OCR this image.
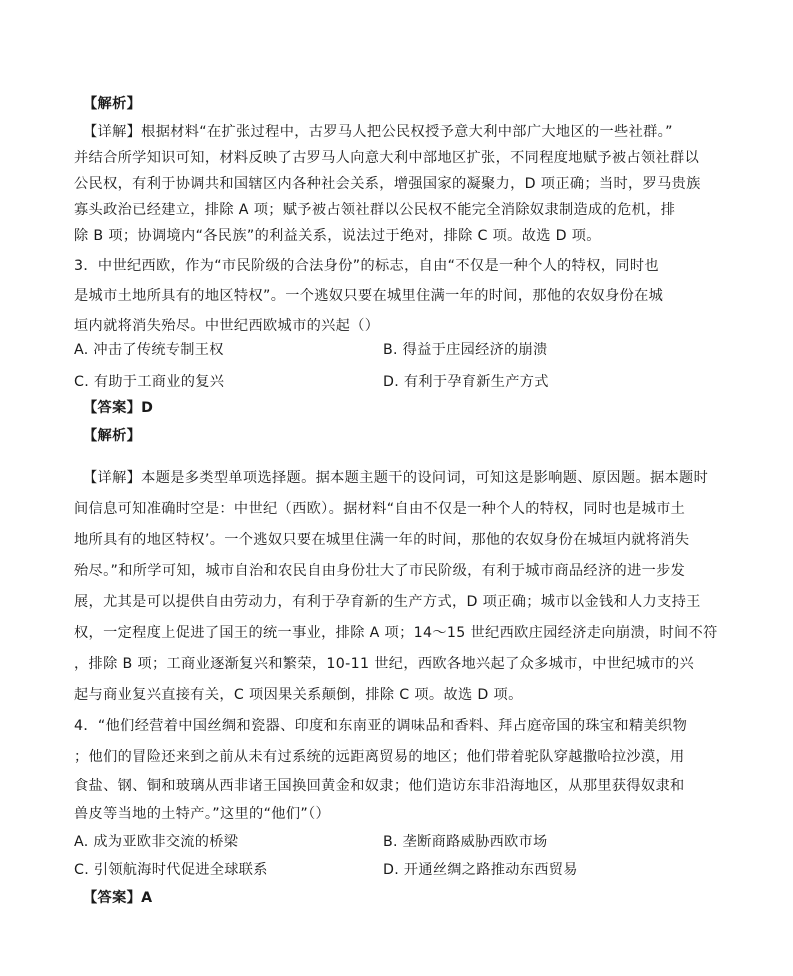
【解析】
【详解】根据材料“在扩张过程中，古罗马人把公民权授予意大利中部广大地区的一些社群。”
并结合所学知识可知，材料反映了古罗马人向意大利中部地区扩张，不同程度地赋予被占领社群以
公民权，有利于协调共和国辖区内各种社会关系，增强国家的凝聚力，D 项正确；当时，罗马贵族
寡头政治已经建立，排除 A 项；赋予被占领社群以公民权不能完全消除奴隶制造成的危机，排
除 B 项；协调境内“各民族”的利益关系，说法过于绝对，排除 C 项。故选 D 项。
3．中世纪西欧，作为“市民阶级的合法身份”的标志，自由“不仅是一种个人的特权，同时也
是城市土地所具有的地区特权”。一个逃奴只要在城里住满一年的时间，那他的农奴身份在城
垣内就将消失殆尽。中世纪西欧城市的兴起（）
A. 冲击了传统专制王权	B. 得益于庄园经济的崩溃
C. 有助于工商业的复兴	D. 有利于孕育新生产方式
【答案】D
【解析】
【详解】本题是多类型单项选择题。据本题主题干的设问词，可知这是影响题、原因题。据本题时
间信息可知准确时空是：中世纪（西欧）。据材料“自由不仅是一种个人的特权，同时也是城市土
地所具有的地区特权’。一个逃奴只要在城里住满一年的时间，那他的农奴身份在城垣内就将消失
殆尽。”和所学可知，城市自治和农民自由身份壮大了市民阶级，有利于城市商品经济的进一步发
展，尤其是可以提供自由劳动力，有利于孕育新的生产方式，D 项正确；城市以金钱和人力支持王
权，一定程度上促进了国王的统一事业，排除 A 项；14～15 世纪西欧庄园经济走向崩溃，时间不符
，排除 B 项；工商业逐渐复兴和繁荣，10-11 世纪，西欧各地兴起了众多城市，中世纪城市的兴
起与商业复兴直接有关，C 项因果关系颠倒，排除 C 项。故选 D 项。
4．“他们经营着中国丝绸和瓷器、印度和东南亚的调味品和香料、拜占庭帝国的珠宝和精美织物
；他们的冒险还来到之前从未有过系统的远距离贸易的地区；他们带着驼队穿越撒哈拉沙漠，用
食盐、钢、铜和玻璃从西非诸王国换回黄金和奴隶；他们造访东非沿海地区，从那里获得奴隶和
兽皮等当地的土特产。”这里的“他们”（）
A. 成为亚欧非交流的桥梁	B. 垄断商路威胁西欧市场
C. 引领航海时代促进全球联系	D. 开通丝绸之路推动东西贸易
【答案】A
